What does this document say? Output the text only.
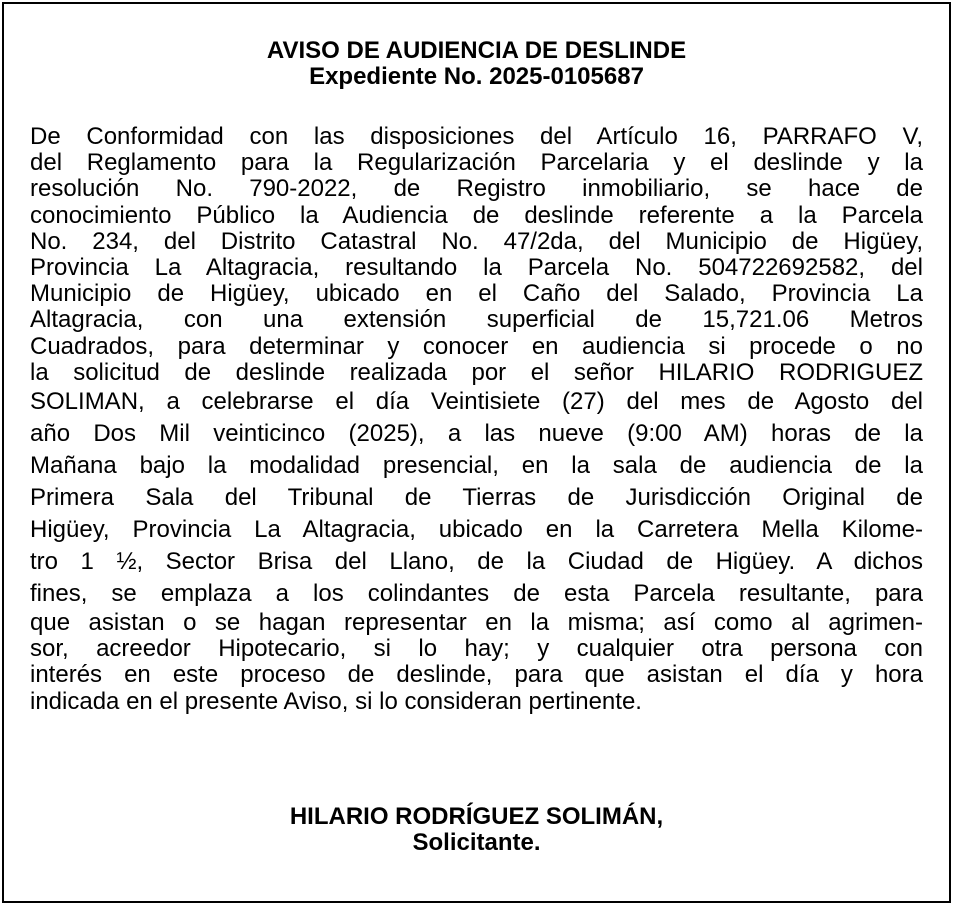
AVISO DE AUDIENCIA DE DESLINDE
Expediente No. 2025-0105687
De Conformidad con las disposiciones del Artículo 16, PARRAFO V,
del Reglamento para la Regularización Parcelaria y el deslinde y la
resolución No. 790-2022, de Registro inmobiliario, se hace de
conocimiento Público la Audiencia de deslinde referente a la Parcela
No. 234, del Distrito Catastral No. 47/2da, del Municipio de Higüey,
Provincia La Altagracia, resultando la Parcela No. 504722692582, del
Municipio de Higüey, ubicado en el Caño del Salado, Provincia La
Altagracia, con una extensión superficial de 15,721.06 Metros
Cuadrados, para determinar y conocer en audiencia si procede o no
la solicitud de deslinde realizada por el señor HILARIO RODRIGUEZ
SOLIMAN, a celebrarse el día Veintisiete (27) del mes de Agosto del
año Dos Mil veinticinco (2025), a las nueve (9:00 AM) horas de la
Mañana bajo la modalidad presencial, en la sala de audiencia de la
Primera Sala del Tribunal de Tierras de Jurisdicción Original de
Higüey, Provincia La Altagracia, ubicado en la Carretera Mella Kilome-
tro 1 ½, Sector Brisa del Llano, de la Ciudad de Higüey. A dichos
fines, se emplaza a los colindantes de esta Parcela resultante, para
que asistan o se hagan representar en la misma; así como al agrimen-
sor, acreedor Hipotecario, si lo hay; y cualquier otra persona con
interés en este proceso de deslinde, para que asistan el día y hora
indicada en el presente Aviso, si lo consideran pertinente.
HILARIO RODRÍGUEZ SOLIMÁN,
Solicitante.
